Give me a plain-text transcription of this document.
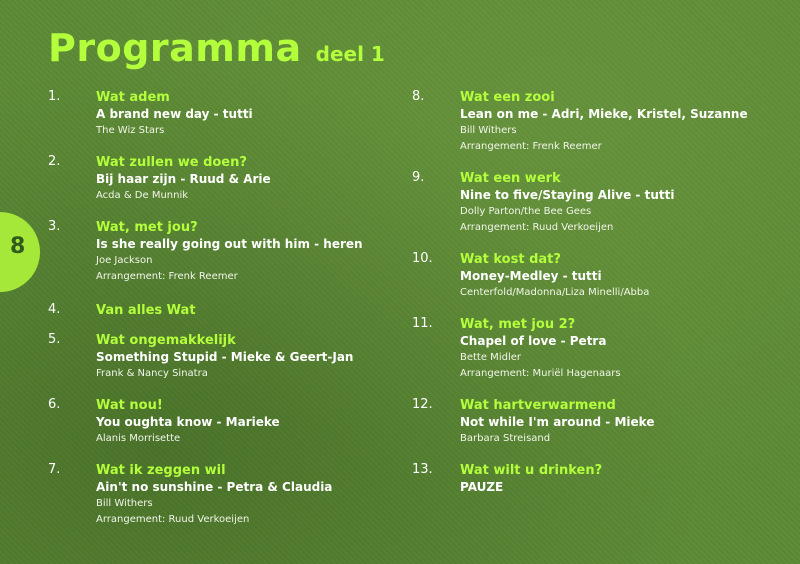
Programma deel 1
8
1.	Wat adem
A brand new day - tutti
The Wiz Stars
2.	Wat zullen we doen?
Bij haar zijn - Ruud & Arie
Acda & De Munnik
3.	Wat, met jou?
Is she really going out with him - heren
Joe Jackson
Arrangement: Frenk Reemer
4.	Van alles Wat
5.	Wat ongemakkelijk
Something Stupid - Mieke & Geert-Jan
Frank & Nancy Sinatra
6.	Wat nou!
You oughta know - Marieke
Alanis Morrisette
7.	Wat ik zeggen wil
Ain't no sunshine - Petra & Claudia
Bill Withers
Arrangement: Ruud Verkoeijen
8.	Wat een zooi
Lean on me - Adri, Mieke, Kristel, Suzanne
Bill Withers
Arrangement: Frenk Reemer
9.	Wat een werk
Nine to five/Staying Alive - tutti
Dolly Parton/the Bee Gees
Arrangement: Ruud Verkoeijen
10. Wat kost dat?
Money-Medley - tutti
Centerfold/Madonna/Liza Minelli/Abba
11. Wat, met jou 2?
Chapel of love - Petra
Bette Midler
Arrangement: Muriël Hagenaars
12. Wat hartverwarmend
Not while I'm around - Mieke
Barbara Streisand
13. Wat wilt u drinken?
PAUZE
